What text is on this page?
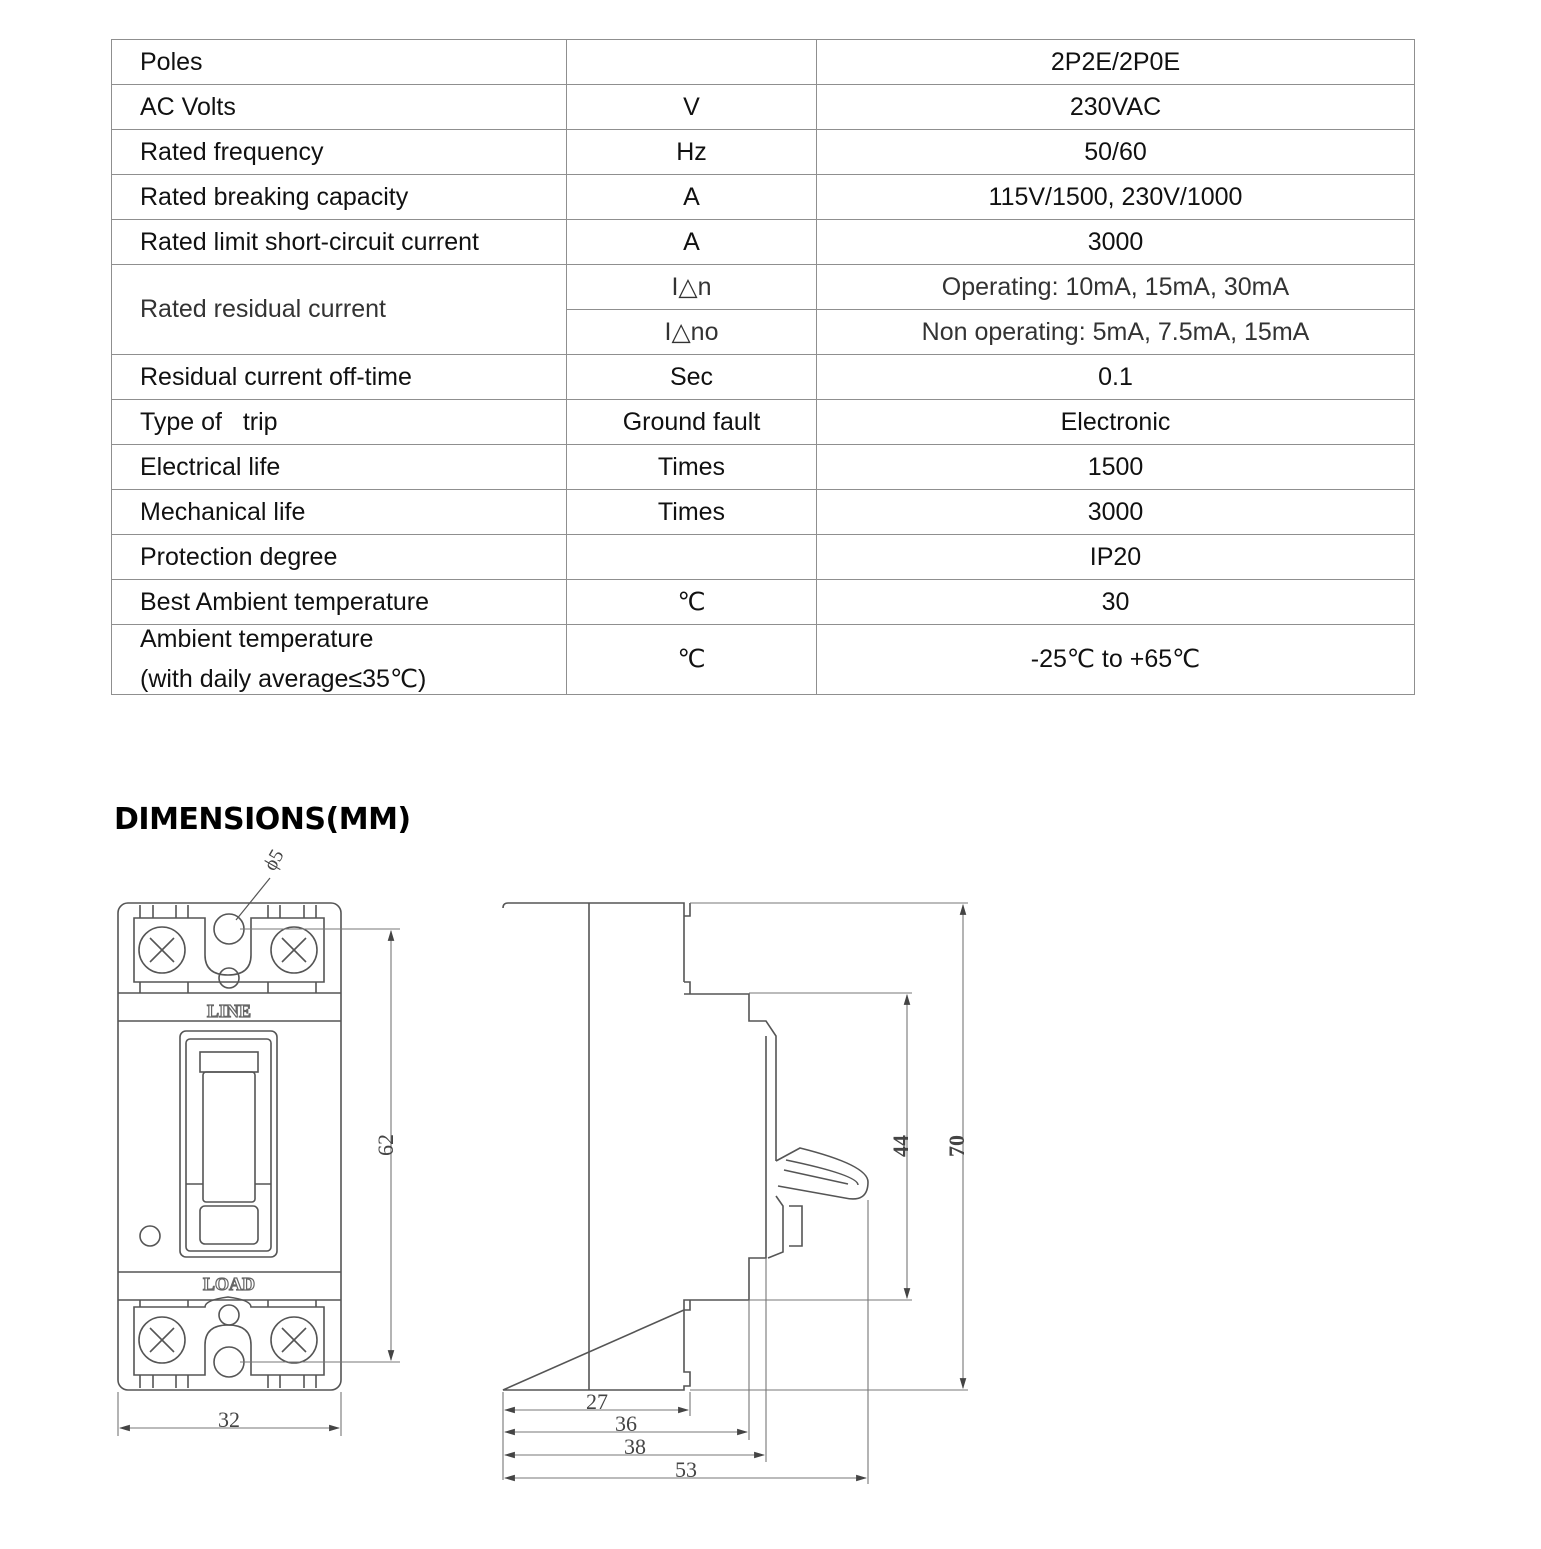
Poles		2P2E/2P0E
AC Volts	V	230VAC
Rated frequency	Hz	50/60
Rated breaking capacity	A	115V/1500, 230V/1000
Rated limit short-circuit current	A	3000
Rated residual current	I△n	Operating: 10mA, 15mA, 30mA
	I△no	Non operating: 5mA, 7.5mA, 15mA
Residual current off-time	Sec	0.1
Type of   trip	Ground fault	Electronic
Electrical life	Times	1500
Mechanical life	Times	3000
Protection degree		IP20
Best Ambient temperature	℃	30
Ambient temperature
(with daily average≤35℃)	℃	-25℃ to +65℃
DIMENSIONS(MM)
LINE
LOAD
ϕ5
32
62
27
36
38
53
44 70
